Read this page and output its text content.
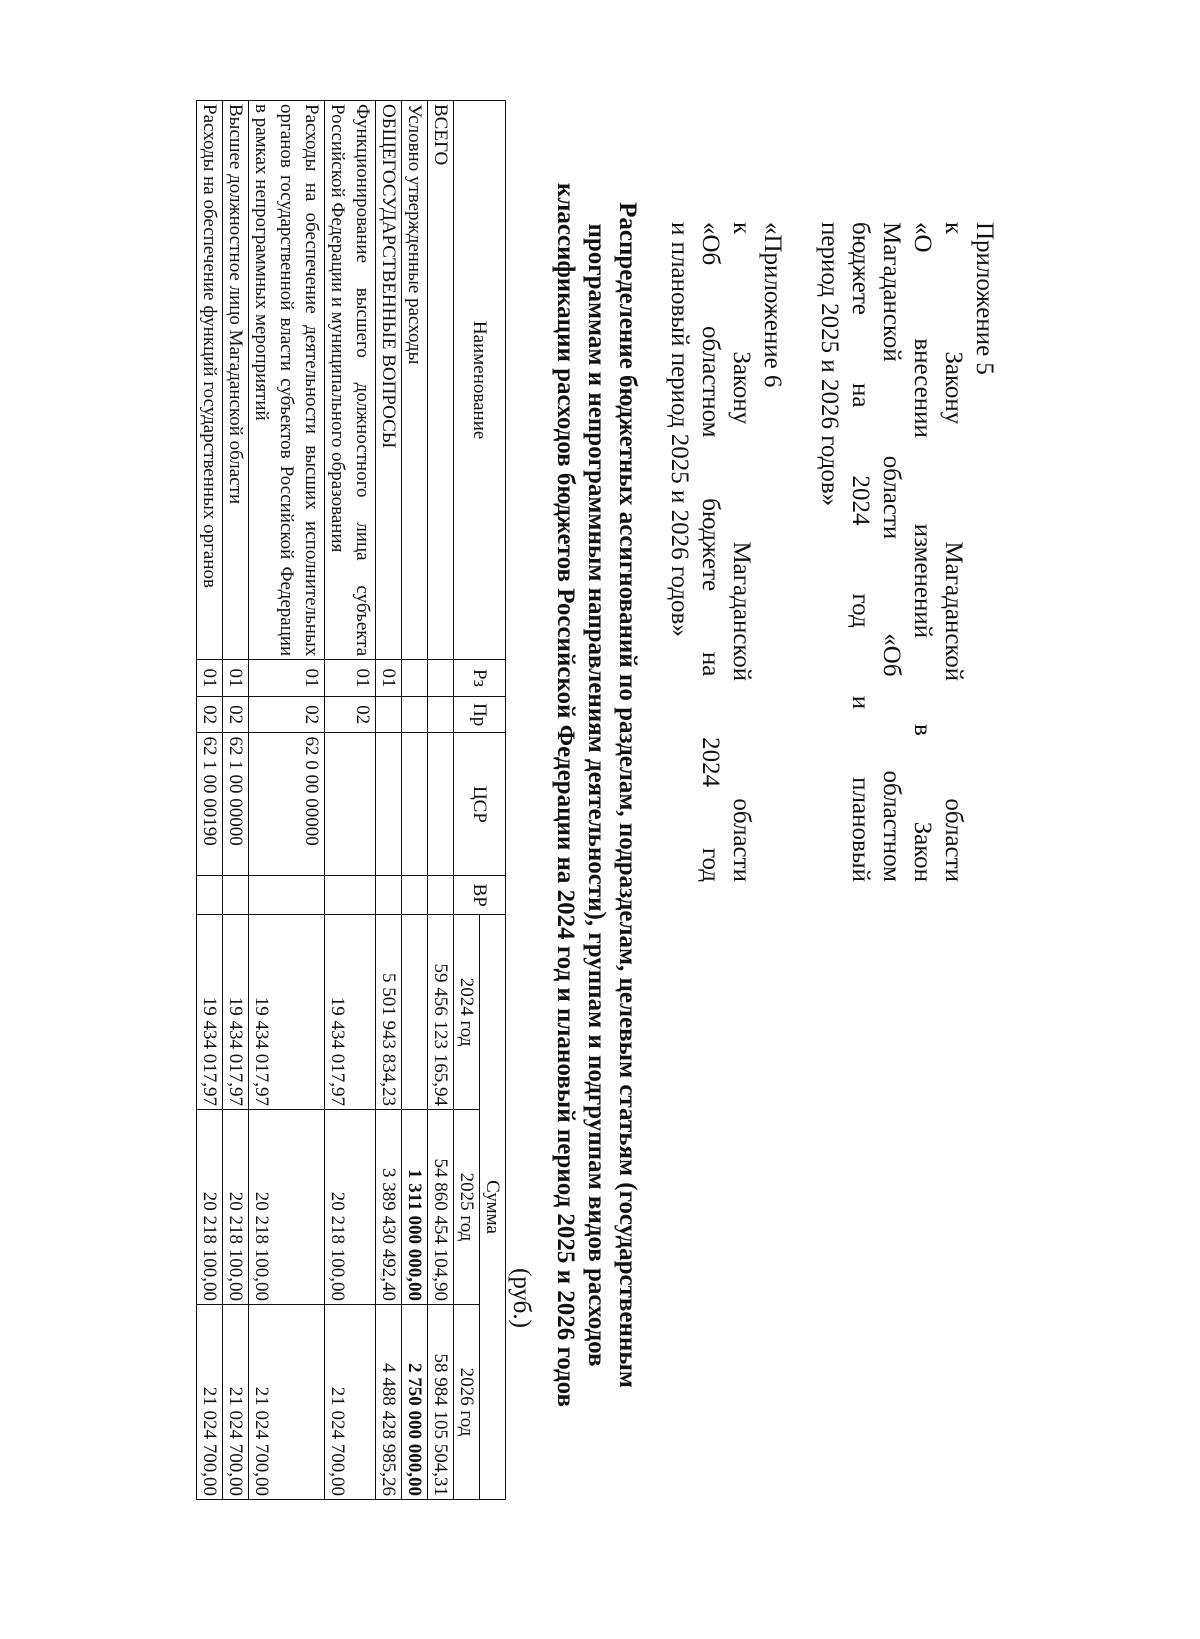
Приложение 5
к
Закону
Магаданской
области
«О
внесении
изменений
в
Закон
Магаданской
области
«Об
областном
бюджете
на
2024
год
и
плановый
период 2025 и 2026 годов»
«Приложение 6
к
Закону
Магаданской
области
«Об
областном
бюджете
на
2024
год
и плановый период 2025 и 2026 годов»
Распределение бюджетных ассигнований по разделам, подразделам, целевым статьям (государственным
программам и непрограммным направлениям деятельности), группам и подгруппам видов расходов
классификации расходов бюджетов Российской Федерации на 2024 год и плановый период 2025 и 2026 годов
(руб.)
Наименование	Рз	Пр	ЦСР	ВР	Сумма		
					2024 год	2025 год	2026 год
ВСЕГО					59 456 123 165,94	54 860 454 104,90	58 984 105 504,31
Условно утвержденные расходы						1 311 000 000,00	2 750 000 000,00
ОБЩЕГОСУДАРСТВЕННЫЕ ВОПРОСЫ	01				5 501 943 834,23	3 389 430 492,40	4 488 428 985,26
Функционирование высшего должностного лица субъекта Российской Федерации и муниципального образования	01	02			19 434 017,97	20 218 100,00	21 024 700,00
Расходы на обеспечение деятельности высших исполнительных органов государственной власти субъектов Российской Федерации в рамках непрограммных мероприятий	01	02	62 0 00 00000		19 434 017,97	20 218 100,00	21 024 700,00
Высшее должностное лицо Магаданской области	01	02	62 1 00 00000		19 434 017,97	20 218 100,00	21 024 700,00
Расходы на обеспечение функций государственных органов	01	02	62 1 00 00190		19 434 017,97	20 218 100,00	21 024 700,00
